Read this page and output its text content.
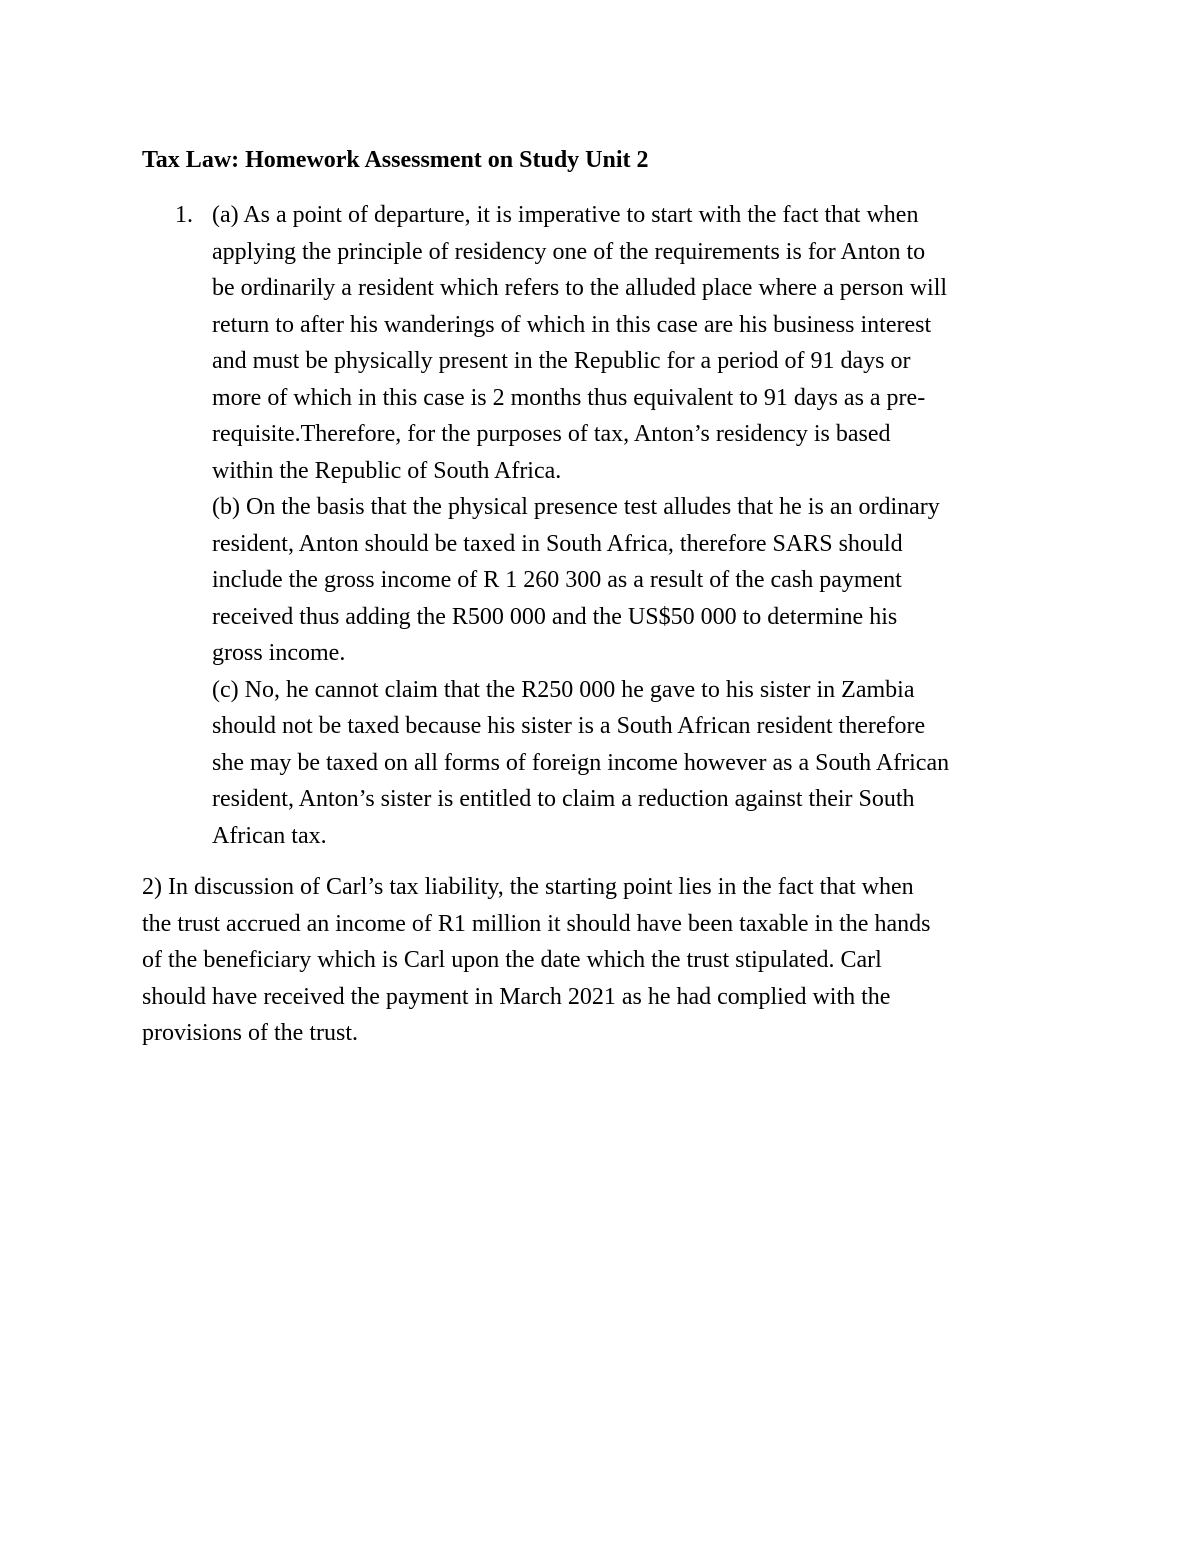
Tax Law: Homework Assessment on Study Unit 2
1. (a) As a point of departure, it is imperative to start with the fact that when
applying the principle of residency one of the requirements is for Anton to
be ordinarily a resident which refers to the alluded place where a person will
return to after his wanderings of which in this case are his business interest
and must be physically present in the Republic for a period of 91 days or
more of which in this case is 2 months thus equivalent to 91 days as a pre-
requisite.Therefore, for the purposes of tax, Anton’s residency is based
within the Republic of South Africa.
(b) On the basis that the physical presence test alludes that he is an ordinary
resident, Anton should be taxed in South Africa, therefore SARS should
include the gross income of R 1 260 300 as a result of the cash payment
received thus adding the R500 000 and the US$50 000 to determine his
gross income.
(c) No, he cannot claim that the R250 000 he gave to his sister in Zambia
should not be taxed because his sister is a South African resident therefore
she may be taxed on all forms of foreign income however as a South African
resident, Anton’s sister is entitled to claim a reduction against their South
African tax.
2) In discussion of Carl’s tax liability, the starting point lies in the fact that when
the trust accrued an income of R1 million it should have been taxable in the hands
of the beneficiary which is Carl upon the date which the trust stipulated. Carl
should have received the payment in March 2021 as he had complied with the
provisions of the trust.
